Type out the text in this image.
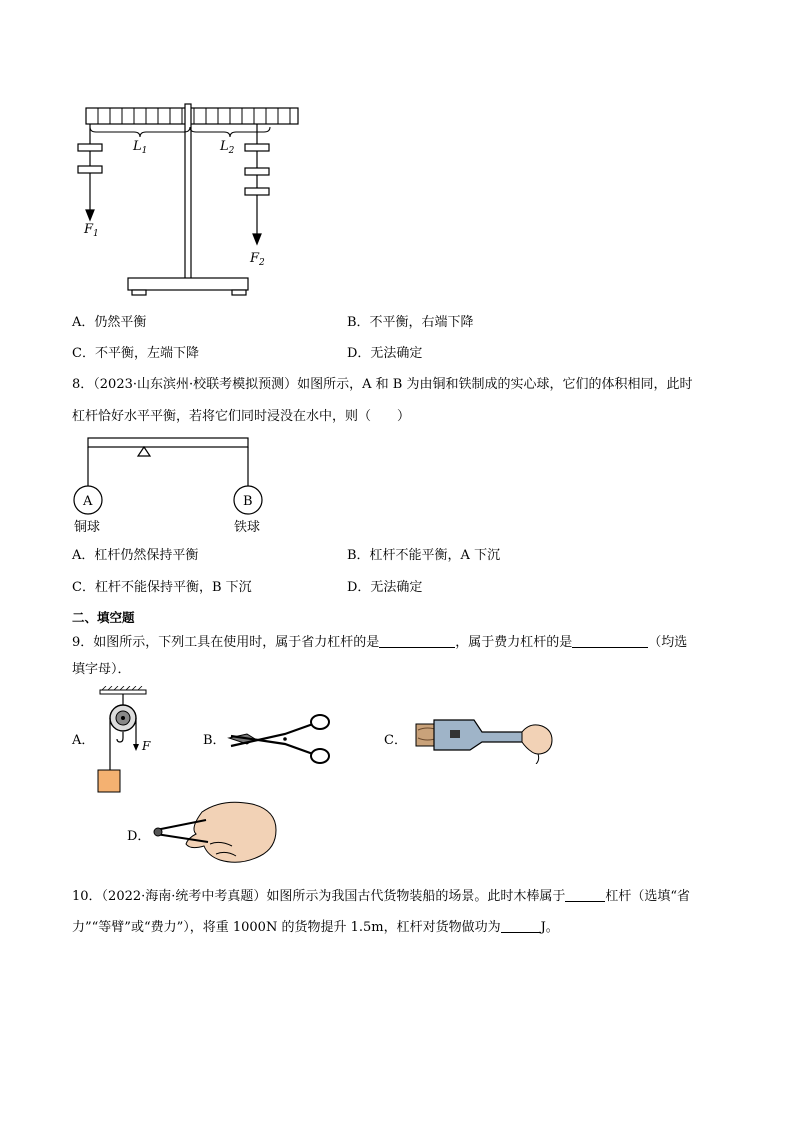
$L_1$	$L_2$
$F_1$
$F_2$
A．仍然平衡	B．不平衡，右端下降
C．不平衡，左端下降	D．无法确定
8．（2023·山东滨州·校联考模拟预测）如图所示，A 和 B 为由铜和铁制成的实心球，它们的体积相同，此时
杠杆恰好水平平衡，若将它们同时浸没在水中，则（　　）
A	B
铜球	铁球
A．杠杆仍然保持平衡	B．杠杆不能平衡，A 下沉
C．杠杆不能保持平衡，B 下沉	D．无法确定
二、填空题
9．如图所示，下列工具在使用时，属于省力杠杆的是	，属于费力杠杆的是	（均选
填字母）．
A．	F	B．	C．
D．
10．（2022·海南·统考中考真题）如图所示为我国古代货物装船的场景。此时木棒属于	杠杆（选填“省
力”“等臂”或“费力”），将重 1000N 的货物提升 1.5m，杠杆对货物做功为	J。
